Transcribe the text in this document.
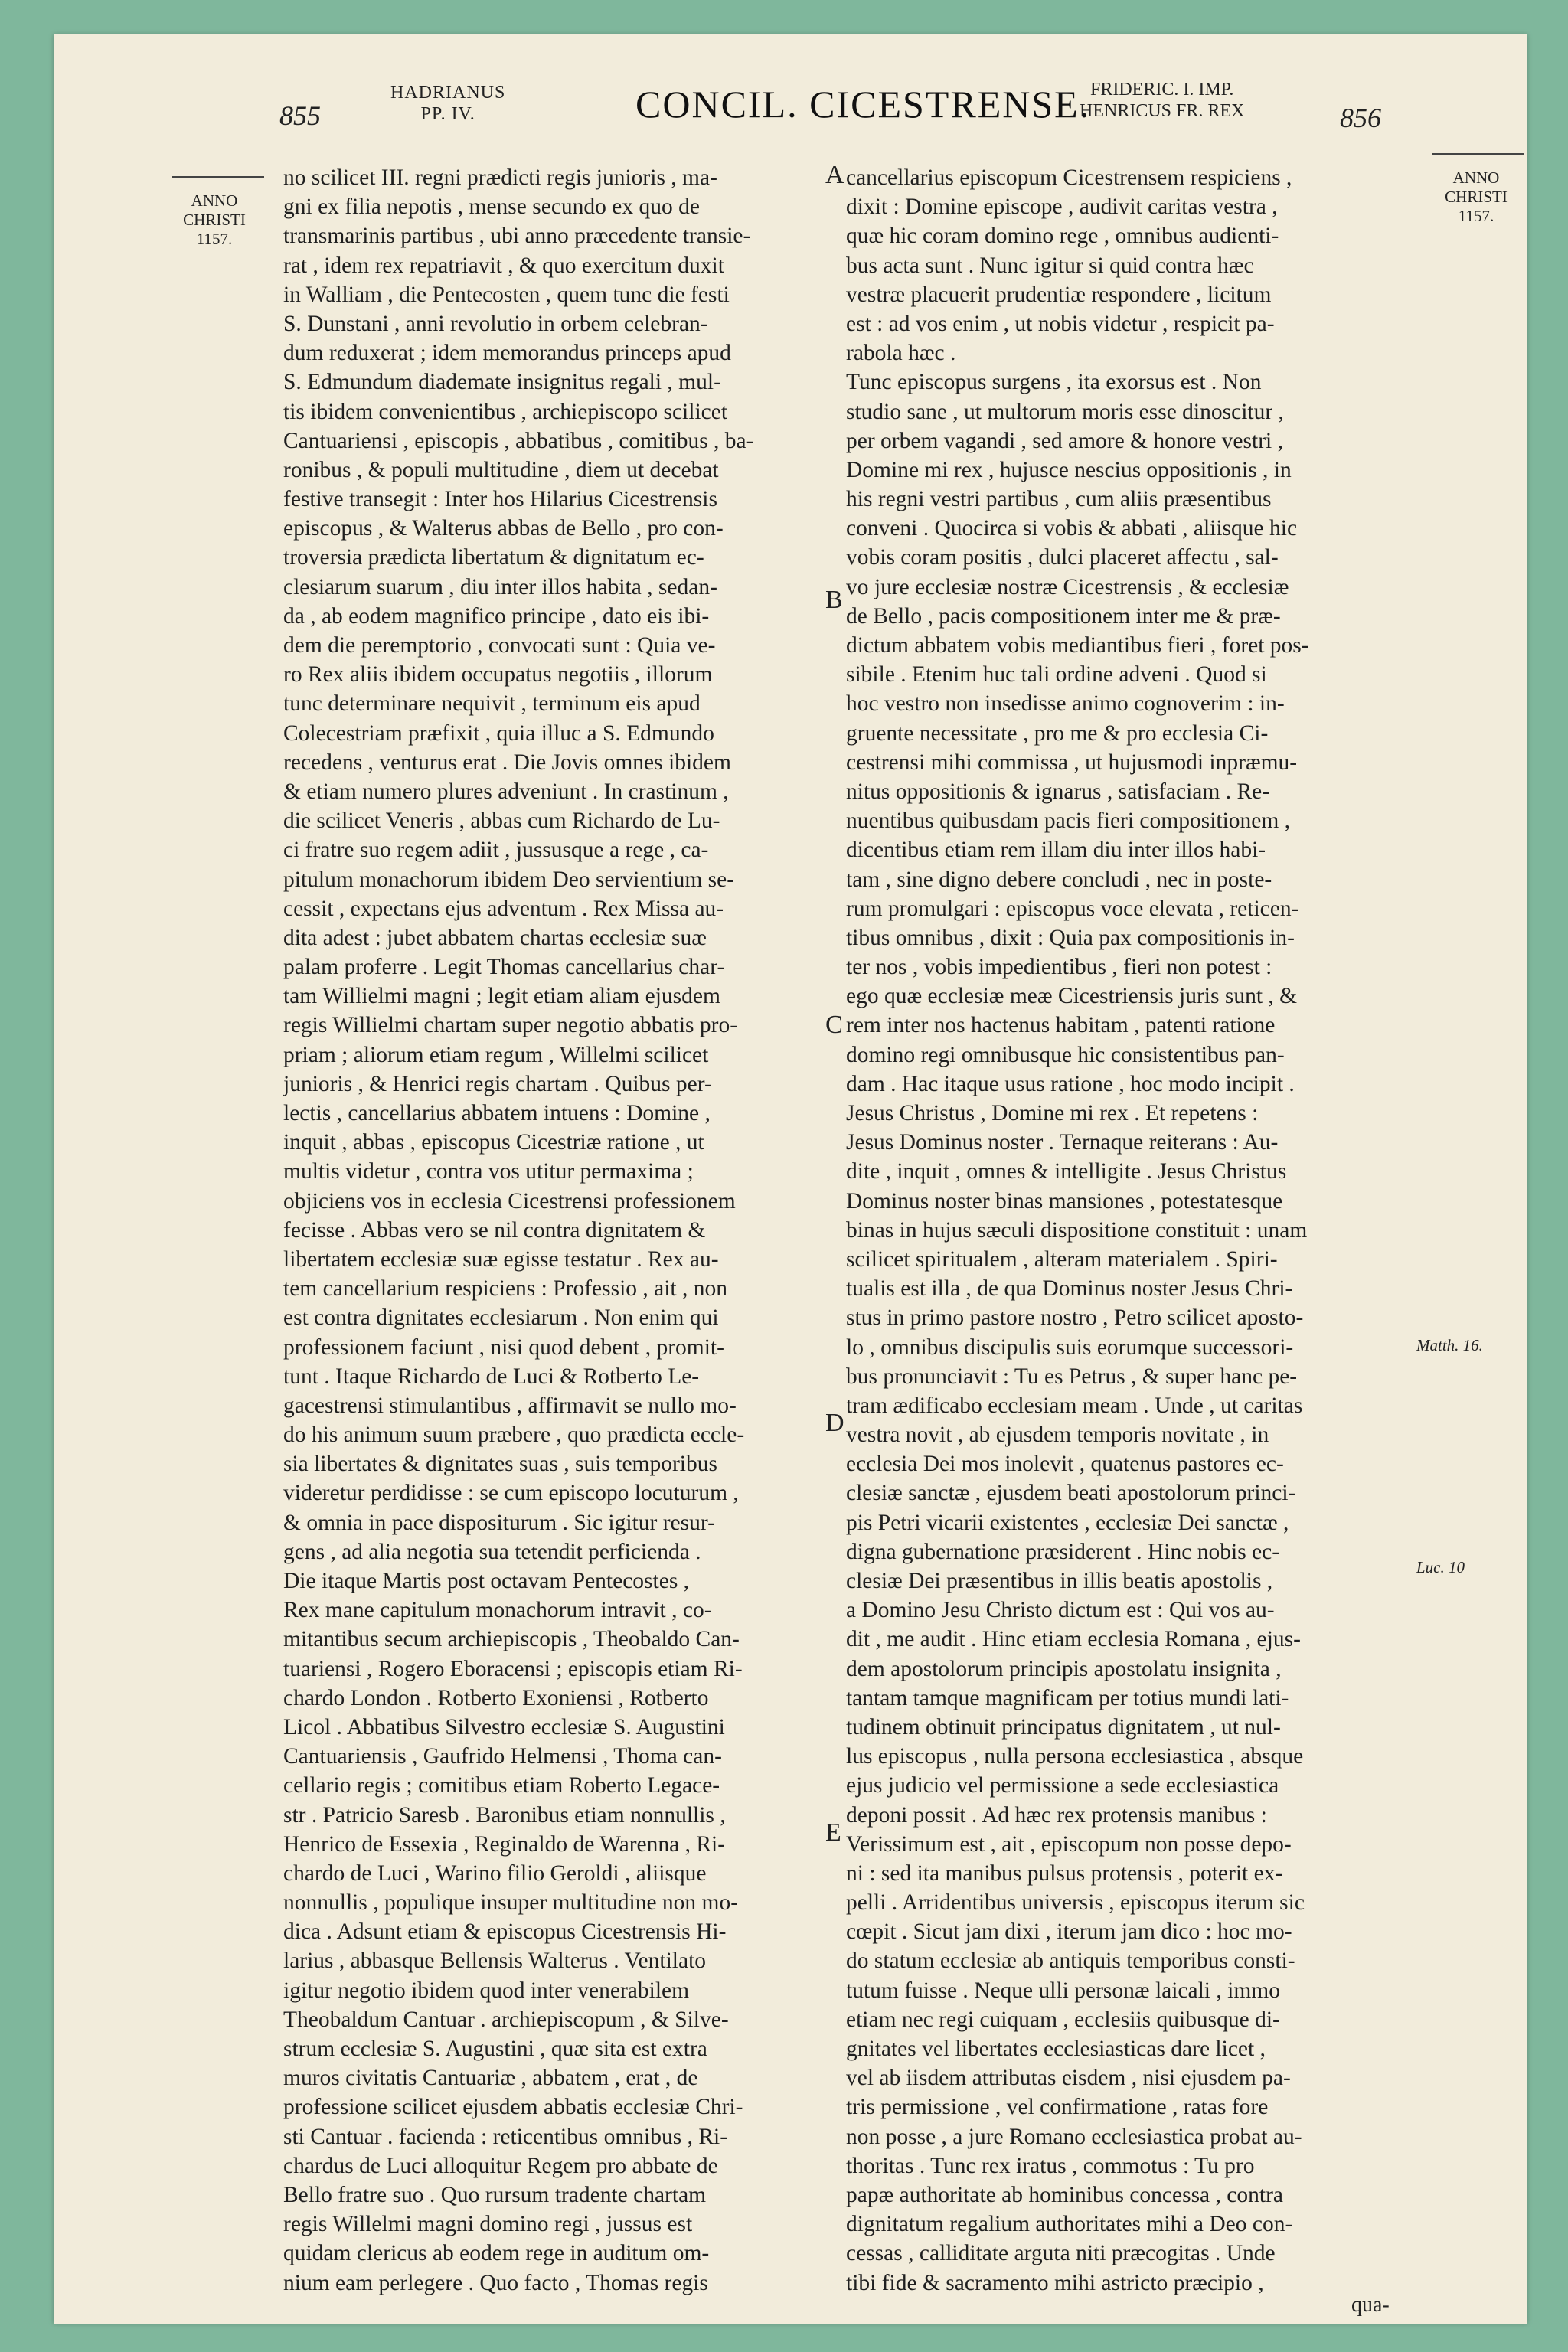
855
HADRIANUS
PP. IV.	CONCIL. CICESTRENSE. FRIDERIC. I. IMP.
HENRICUS FR. REX	856
ANNO CHRISTI
1157.
ANNO CHRISTI
1157.
A
B
C
D
E
Matth. 16.
Luc. 10
no scilicet III. regni prædicti regis junioris , ma-
gni ex filia nepotis , mense secundo ex quo de
transmarinis partibus , ubi anno præcedente transie-
rat , idem rex repatriavit , & quo exercitum duxit
in Walliam , die Pentecosten , quem tunc die festi
S. Dunstani , anni revolutio in orbem celebran-
dum reduxerat ; idem memorandus princeps apud
S. Edmundum diademate insignitus regali , mul-
tis ibidem convenientibus , archiepiscopo scilicet
Cantuariensi , episcopis , abbatibus , comitibus , ba-
ronibus , & populi multitudine , diem ut decebat
festive transegit : Inter hos Hilarius Cicestrensis
episcopus , & Walterus abbas de Bello , pro con-
troversia prædicta libertatum & dignitatum ec-
clesiarum suarum , diu inter illos habita , sedan-
da , ab eodem magnifico principe , dato eis ibi-
dem die peremptorio , convocati sunt : Quia ve-
ro Rex aliis ibidem occupatus negotiis , illorum
tunc determinare nequivit , terminum eis apud
Colecestriam præfixit , quia illuc a S. Edmundo
recedens , venturus erat . Die Jovis omnes ibidem
& etiam numero plures adveniunt . In crastinum ,
die scilicet Veneris , abbas cum Richardo de Lu-
ci fratre suo regem adiit , jussusque a rege , ca-
pitulum monachorum ibidem Deo servientium se-
cessit , expectans ejus adventum . Rex Missa au-
dita adest : jubet abbatem chartas ecclesiæ suæ
palam proferre . Legit Thomas cancellarius char-
tam Willielmi magni ; legit etiam aliam ejusdem
regis Willielmi chartam super negotio abbatis pro-
priam ; aliorum etiam regum , Willelmi scilicet
junioris , & Henrici regis chartam . Quibus per-
lectis , cancellarius abbatem intuens : Domine ,
inquit , abbas , episcopus Cicestriæ ratione , ut
multis videtur , contra vos utitur permaxima ;
objiciens vos in ecclesia Cicestrensi professionem
fecisse . Abbas vero se nil contra dignitatem &
libertatem ecclesiæ suæ egisse testatur . Rex au-
tem cancellarium respiciens : Professio , ait , non
est contra dignitates ecclesiarum . Non enim qui
professionem faciunt , nisi quod debent , promit-
tunt . Itaque Richardo de Luci & Rotberto Le-
gacestrensi stimulantibus , affirmavit se nullo mo-
do his animum suum præbere , quo prædicta eccle-
sia libertates & dignitates suas , suis temporibus
videretur perdidisse : se cum episcopo locuturum ,
& omnia in pace dispositurum . Sic igitur resur-
gens , ad alia negotia sua tetendit perficienda .
Die itaque Martis post octavam Pentecostes ,
Rex mane capitulum monachorum intravit , co-
mitantibus secum archiepiscopis , Theobaldo Can-
tuariensi , Rogero Eboracensi ; episcopis etiam Ri-
chardo London . Rotberto Exoniensi , Rotberto
Licol . Abbatibus Silvestro ecclesiæ S. Augustini
Cantuariensis , Gaufrido Helmensi , Thoma can-
cellario regis ; comitibus etiam Roberto Legace-
str . Patricio Saresb . Baronibus etiam nonnullis ,
Henrico de Essexia , Reginaldo de Warenna , Ri-
chardo de Luci , Warino filio Geroldi , aliisque
nonnullis , populique insuper multitudine non mo-
dica . Adsunt etiam & episcopus Cicestrensis Hi-
larius , abbasque Bellensis Walterus . Ventilato
igitur negotio ibidem quod inter venerabilem
Theobaldum Cantuar . archiepiscopum , & Silve-
strum ecclesiæ S. Augustini , quæ sita est extra
muros civitatis Cantuariæ , abbatem , erat , de
professione scilicet ejusdem abbatis ecclesiæ Chri-
sti Cantuar . facienda : reticentibus omnibus , Ri-
chardus de Luci alloquitur Regem pro abbate de
Bello fratre suo . Quo rursum tradente chartam
regis Willelmi magni domino regi , jussus est
quidam clericus ab eodem rege in auditum om-
nium eam perlegere . Quo facto , Thomas regis
cancellarius episcopum Cicestrensem respiciens ,
dixit : Domine episcope , audivit caritas vestra ,
quæ hic coram domino rege , omnibus audienti-
bus acta sunt . Nunc igitur si quid contra hæc
vestræ placuerit prudentiæ respondere , licitum
est : ad vos enim , ut nobis videtur , respicit pa-
rabola hæc .
Tunc episcopus surgens , ita exorsus est . Non
studio sane , ut multorum moris esse dinoscitur ,
per orbem vagandi , sed amore & honore vestri ,
Domine mi rex , hujusce nescius oppositionis , in
his regni vestri partibus , cum aliis præsentibus
conveni . Quocirca si vobis & abbati , aliisque hic
vobis coram positis , dulci placeret affectu , sal-
vo jure ecclesiæ nostræ Cicestrensis , & ecclesiæ
de Bello , pacis compositionem inter me & præ-
dictum abbatem vobis mediantibus fieri , foret pos-
sibile . Etenim huc tali ordine adveni . Quod si
hoc vestro non insedisse animo cognoverim : in-
gruente necessitate , pro me & pro ecclesia Ci-
cestrensi mihi commissa , ut hujusmodi inpræmu-
nitus oppositionis & ignarus , satisfaciam . Re-
nuentibus quibusdam pacis fieri compositionem ,
dicentibus etiam rem illam diu inter illos habi-
tam , sine digno debere concludi , nec in poste-
rum promulgari : episcopus voce elevata , reticen-
tibus omnibus , dixit : Quia pax compositionis in-
ter nos , vobis impedientibus , fieri non potest :
ego quæ ecclesiæ meæ Cicestriensis juris sunt , &
rem inter nos hactenus habitam , patenti ratione
domino regi omnibusque hic consistentibus pan-
dam . Hac itaque usus ratione , hoc modo incipit .
Jesus Christus , Domine mi rex . Et repetens :
Jesus Dominus noster . Ternaque reiterans : Au-
dite , inquit , omnes & intelligite . Jesus Christus
Dominus noster binas mansiones , potestatesque
binas in hujus sæculi dispositione constituit : unam
scilicet spiritualem , alteram materialem . Spiri-
tualis est illa , de qua Dominus noster Jesus Chri-
stus in primo pastore nostro , Petro scilicet aposto-
lo , omnibus discipulis suis eorumque successori-
bus pronunciavit : Tu es Petrus , & super hanc pe-
tram ædificabo ecclesiam meam . Unde , ut caritas
vestra novit , ab ejusdem temporis novitate , in
ecclesia Dei mos inolevit , quatenus pastores ec-
clesiæ sanctæ , ejusdem beati apostolorum princi-
pis Petri vicarii existentes , ecclesiæ Dei sanctæ ,
digna gubernatione præsiderent . Hinc nobis ec-
clesiæ Dei præsentibus in illis beatis apostolis ,
a Domino Jesu Christo dictum est : Qui vos au-
dit , me audit . Hinc etiam ecclesia Romana , ejus-
dem apostolorum principis apostolatu insignita ,
tantam tamque magnificam per totius mundi lati-
tudinem obtinuit principatus dignitatem , ut nul-
lus episcopus , nulla persona ecclesiastica , absque
ejus judicio vel permissione a sede ecclesiastica
deponi possit . Ad hæc rex protensis manibus :
Verissimum est , ait , episcopum non posse depo-
ni : sed ita manibus pulsus protensis , poterit ex-
pelli . Arridentibus universis , episcopus iterum sic
cœpit . Sicut jam dixi , iterum jam dico : hoc mo-
do statum ecclesiæ ab antiquis temporibus consti-
tutum fuisse . Neque ulli personæ laicali , immo
etiam nec regi cuiquam , ecclesiis quibusque di-
gnitates vel libertates ecclesiasticas dare licet ,
vel ab iisdem attributas eisdem , nisi ejusdem pa-
tris permissione , vel confirmatione , ratas fore
non posse , a jure Romano ecclesiastica probat au-
thoritas . Tunc rex iratus , commotus : Tu pro
papæ authoritate ab hominibus concessa , contra
dignitatum regalium authoritates mihi a Deo con-
cessas , calliditate arguta niti præcogitas . Unde
tibi fide & sacramento mihi astricto præcipio ,
qua-
